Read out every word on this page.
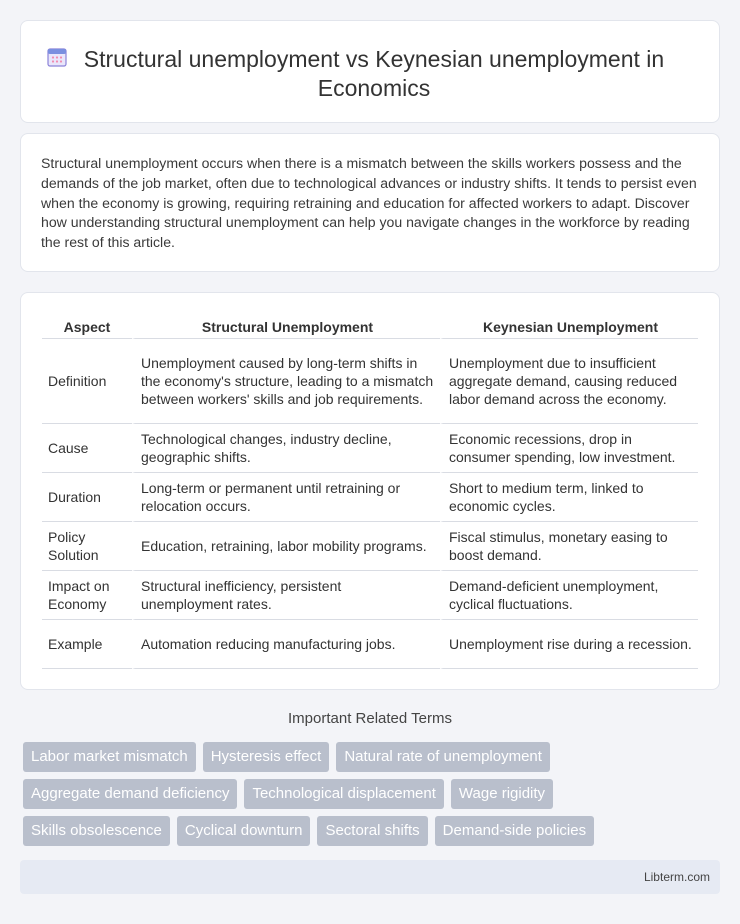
Structural unemployment vs Keynesian unemployment in Economics

Structural unemployment occurs when there is a mismatch between the skills workers possess and the demands of the job market, often due to technological advances or industry shifts. It tends to persist even when the economy is growing, requiring retraining and education for affected workers to adapt. Discover how understanding structural unemployment can help you navigate changes in the workforce by reading the rest of this article.

Aspect	Structural Unemployment	Keynesian Unemployment
Definition	Unemployment caused by long-term shifts in the economy's structure, leading to a mismatch between workers' skills and job requirements.	Unemployment due to insufficient aggregate demand, causing reduced labor demand across the economy.
Cause	Technological changes, industry decline, geographic shifts.	Economic recessions, drop in consumer spending, low investment.
Duration	Long-term or permanent until retraining or relocation occurs.	Short to medium term, linked to economic cycles.
Policy Solution	Education, retraining, labor mobility programs.	Fiscal stimulus, monetary easing to boost demand.
Impact on Economy	Structural inefficiency, persistent unemployment rates.	Demand-deficient unemployment, cyclical fluctuations.
Example	Automation reducing manufacturing jobs.	Unemployment rise during a recession.
Important Related Terms
Labor market mismatch	Hysteresis effect	Natural rate of unemployment
Aggregate demand deficiency	Technological displacement	Wage rigidity
Skills obsolescence	Cyclical downturn	Sectoral shifts	Demand-side policies
Libterm.com
